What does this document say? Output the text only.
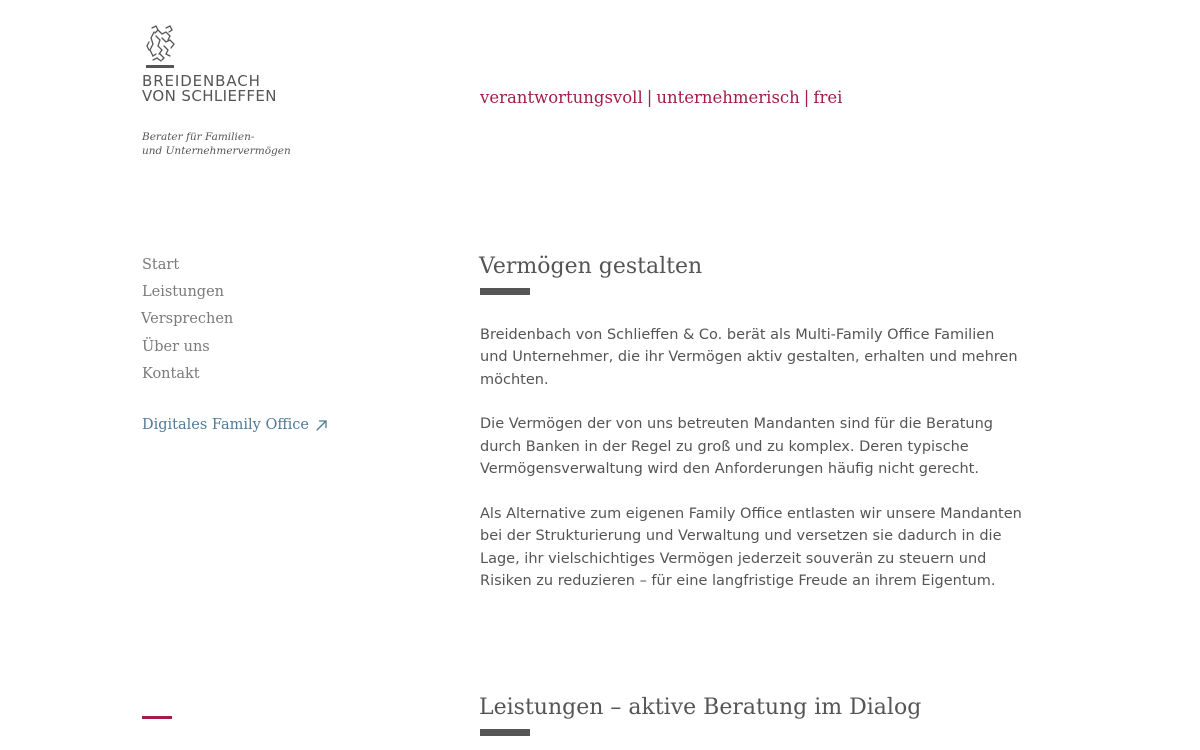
BREIDENBACH
VON SCHLIEFFEN
Berater für Familien-
und Unternehmervermögen
verantwortungsvoll | unternehmerisch | frei
Start
Leistungen
Versprechen
Über uns
Kontakt
Digitales Family Office
Vermögen gestalten

Breidenbach von Schlieffen & Co. berät als Multi-Family Office Familien und Unternehmer, die ihr Vermögen aktiv gestalten, erhalten und mehren möchten.

Die Vermögen der von uns betreuten Mandanten sind für die Beratung durch Banken in der Regel zu groß und zu komplex. Deren typische Vermögensverwaltung wird den Anforderungen häufig nicht gerecht.

Als Alternative zum eigenen Family Office entlasten wir unsere Mandanten bei der Strukturierung und Verwaltung und versetzen sie dadurch in die Lage, ihr vielschichtiges Vermögen jederzeit souverän zu steuern und Risiken zu reduzieren – für eine langfristige Freude an ihrem Eigentum.

Leistungen – aktive Beratung im Dialog
